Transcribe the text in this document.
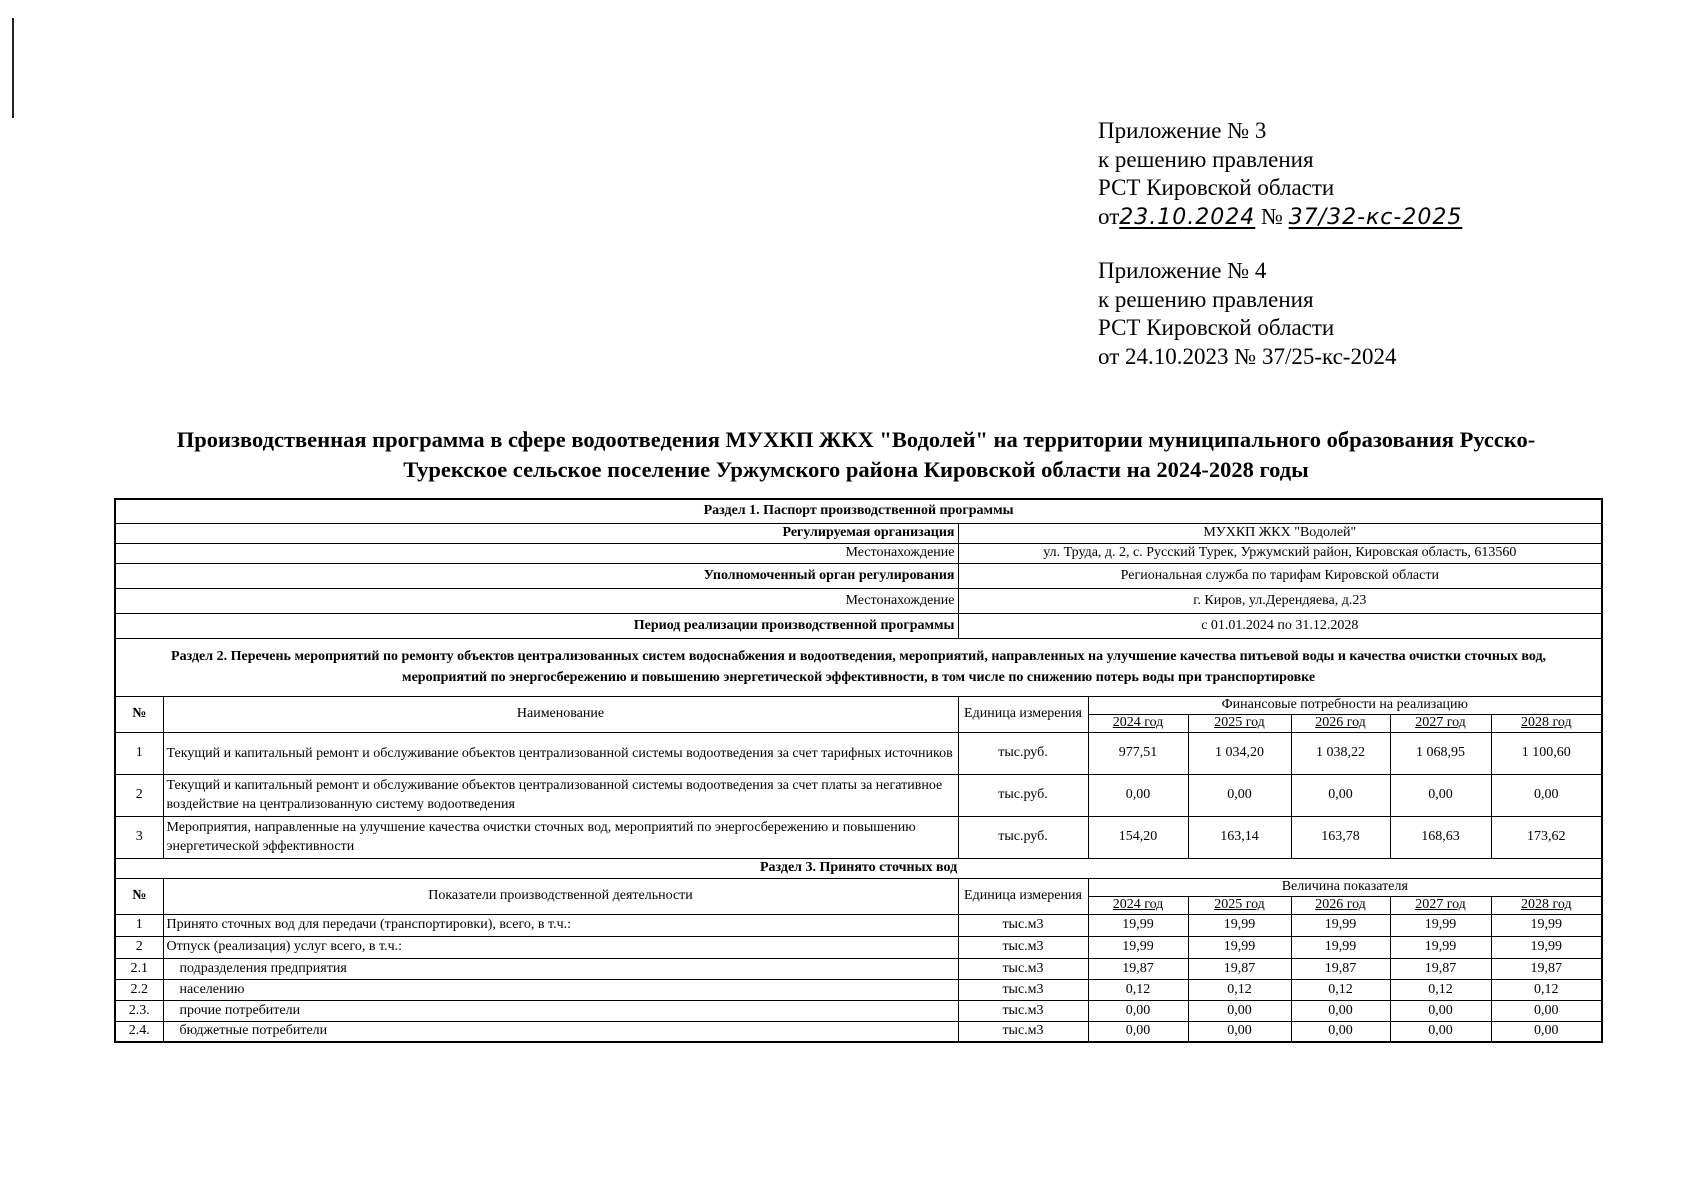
Приложение № 3
к решению правления
РСТ Кировской области
от23.10.2024 № 37/32-кс-2025
Приложение № 4
к решению правления
РСТ Кировской области
от 24.10.2023 № 37/25-кс-2024
Производственная программа в сфере водоотведения МУХКП ЖКХ "Водолей" на территории муниципального образования Русско-
Турекское сельское поселение Уржумского района Кировской области на 2024-2028 годы
Раздел 1. Паспорт производственной программы							
Регулируемая организация		МУХКП ЖКХ "Водолей"					
Местонахождение		ул. Труда, д. 2, с. Русский Турек, Уржумский район, Кировская область, 613560					
Уполномоченный орган регулирования		Региональная служба по тарифам Кировской области					
Местонахождение		г. Киров, ул.Дерендяева, д.23					
Период реализации производственной программы		с 01.01.2024 по 31.12.2028					
Раздел 2. Перечень мероприятий по ремонту объектов централизованных систем водоснабжения и водоотведения, мероприятий, направленных на улучшение качества питьевой воды и качества очистки сточных вод, мероприятий по энергосбережению и повышению энергетической эффективности, в том числе по снижению потерь воды при транспортировке							
№	Наименование	Единица измерения	Финансовые потребности на реализацию				
			2024 год	2025 год	2026 год	2027 год	2028 год
1	Текущий и капитальный ремонт и обслуживание объектов централизованной системы водоотведения за счет тарифных источников	тыс.руб.	977,51	1 034,20	1 038,22	1 068,95	1 100,60
2	Текущий и капитальный ремонт и обслуживание объектов централизованной системы водоотведения за счет платы за негативное воздействие на централизованную систему водоотведения	тыс.руб.	0,00	0,00	0,00	0,00	0,00
3	Мероприятия, направленные на улучшение качества очистки сточных вод, мероприятий по энергосбережению и повышению энергетической эффективности	тыс.руб.	154,20	163,14	163,78	168,63	173,62
Раздел 3. Принято сточных вод							
№	Показатели производственной деятельности	Единица измерения	Величина показателя				
			2024 год	2025 год	2026 год	2027 год	2028 год
1	Принято сточных вод для передачи (транспортировки), всего, в т.ч.:	тыс.м3	19,99	19,99	19,99	19,99	19,99
2	Отпуск (реализация) услуг всего, в т.ч.:	тыс.м3	19,99	19,99	19,99	19,99	19,99
2.1	подразделения предприятия	тыс.м3	19,87	19,87	19,87	19,87	19,87
2.2	населению	тыс.м3	0,12	0,12	0,12	0,12	0,12
2.3.	прочие потребители	тыс.м3	0,00	0,00	0,00	0,00	0,00
2.4.	бюджетные потребители	тыс.м3	0,00	0,00	0,00	0,00	0,00
